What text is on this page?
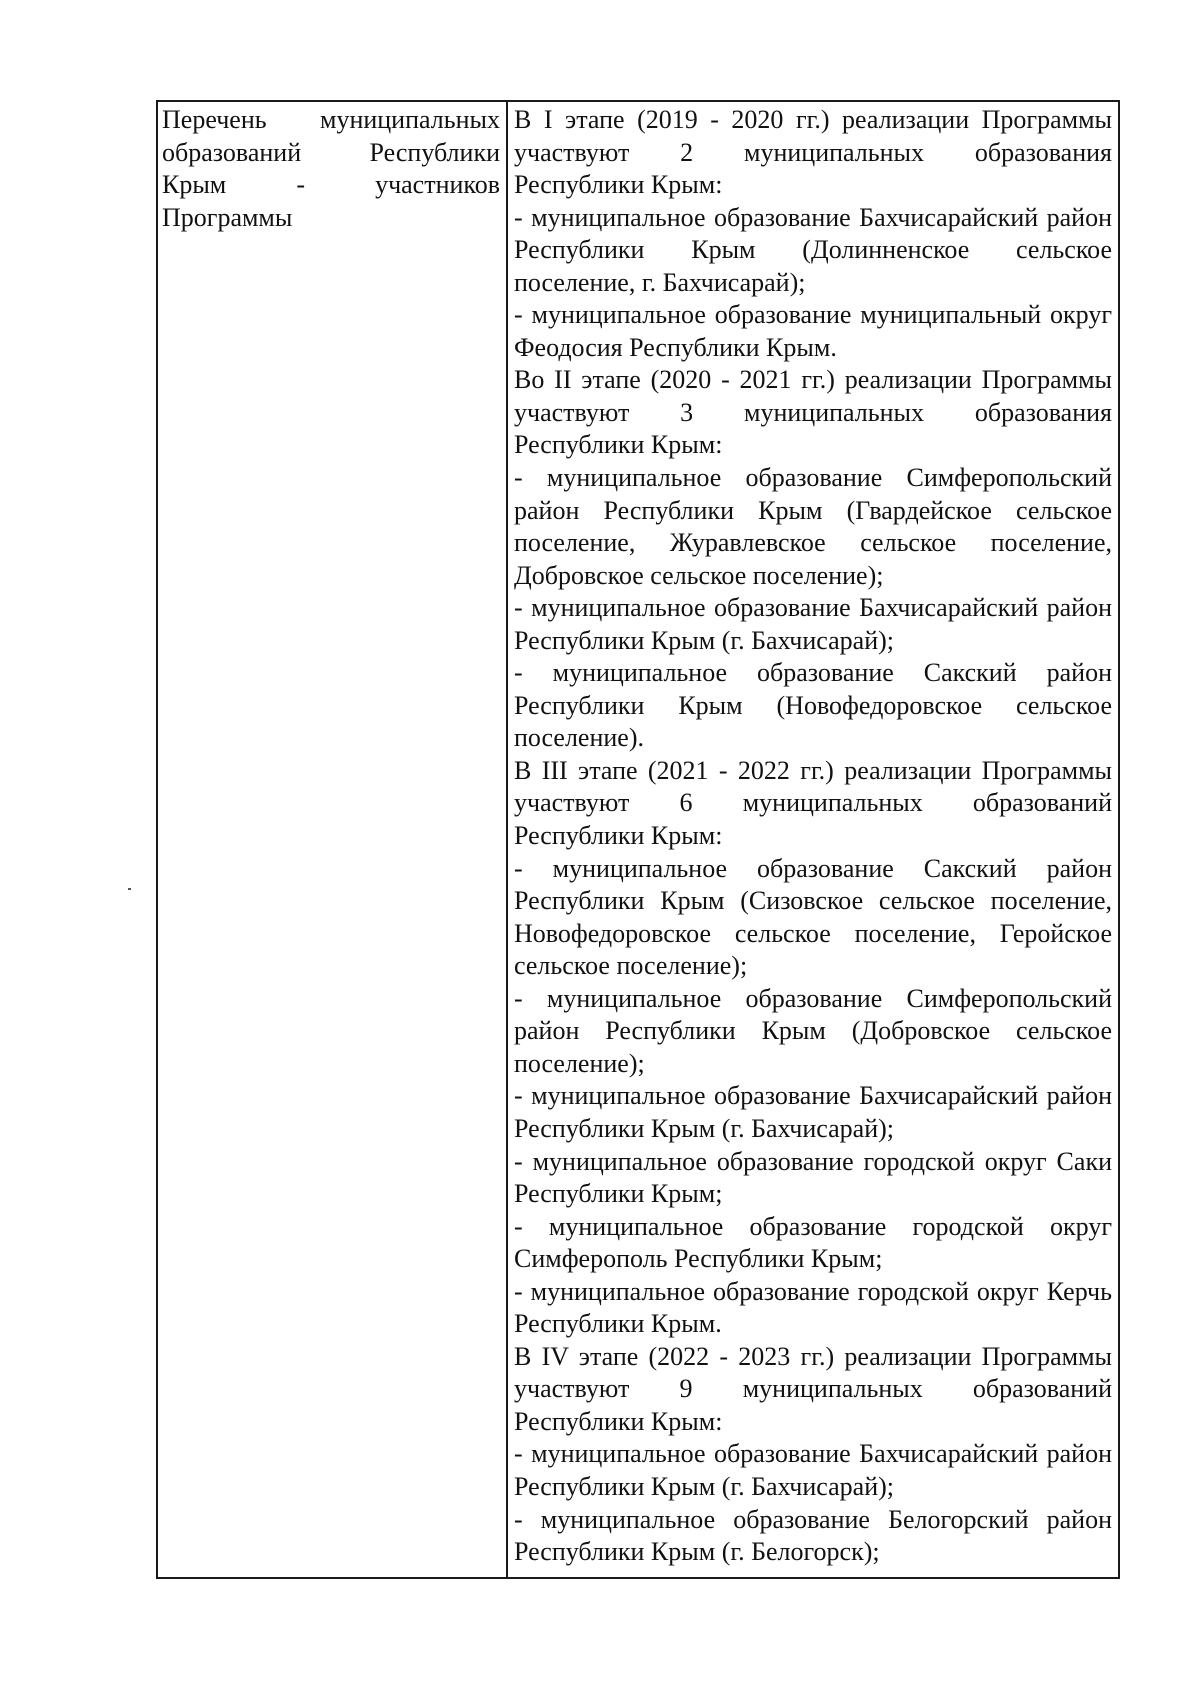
Перечень муниципальных образований Республики Крым - участников Программы

В I этапе (2019 - 2020 гг.) реализации Программы участвуют 2 муниципальных образования Республики Крым:

- муниципальное образование Бахчисарайский район Республики Крым (Долинненское сельское поселение, г. Бахчисарай);

- муниципальное образование муниципальный округ Феодосия Республики Крым.

Во II этапе (2020 - 2021 гг.) реализации Программы участвуют 3 муниципальных образования Республики Крым:

- муниципальное образование Симферопольский район Республики Крым (Гвардейское сельское поселение, Журавлевское сельское поселение, Добровское сельское поселение);

- муниципальное образование Бахчисарайский район Республики Крым (г. Бахчисарай);

- муниципальное образование Сакский район Республики Крым (Новофедоровское сельское поселение).

В III этапе (2021 - 2022 гг.) реализации Программы участвуют 6 муниципальных образований Республики Крым:

- муниципальное образование Сакский район Республики Крым (Сизовское сельское поселение, Новофедоровское сельское поселение, Геройское сельское поселение);

- муниципальное образование Симферопольский район Республики Крым (Добровское сельское поселение);

- муниципальное образование Бахчисарайский район Республики Крым (г. Бахчисарай);

- муниципальное образование городской округ Саки Республики Крым;

- муниципальное образование городской округ Симферополь Республики Крым;

- муниципальное образование городской округ Керчь Республики Крым.

В IV этапе (2022 - 2023 гг.) реализации Программы участвуют 9 муниципальных образований Республики Крым:

- муниципальное образование Бахчисарайский район Республики Крым (г. Бахчисарай);

- муниципальное образование Белогорский район Республики Крым (г. Белогорск);
